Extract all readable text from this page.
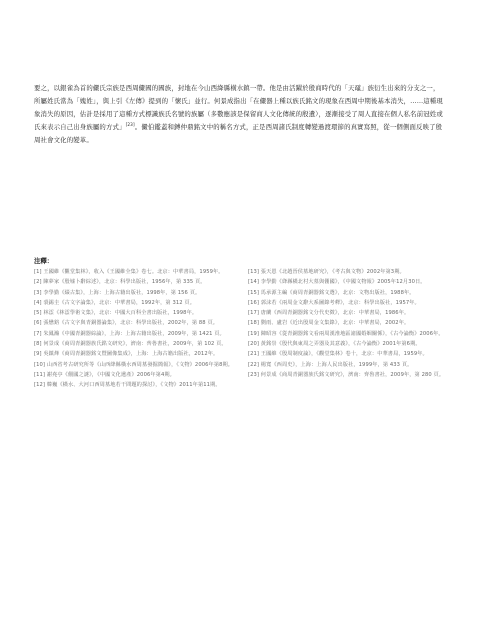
要之，以銀雀為首的儼氏宗族是西周儼國的國族，封地在今山西絳縣橫水鎮一帶。他是由活躍於殷商時代的「天黿」族衍生出來的分支之一，所屬姓氏當為「媿姓」，與上引《左傳》提到的「懷氏」並行。何景成指出「在儼器上種以族氏銘文的現象在西周中期後基本消失，……這種現象消失的原因，估計是採用了這種方式標識族氏名號的族屬（多數應該是保留商人文化傳統的殷遺），逐漸接受了周人直接在個人私名前冠姓或氏來表示自己出身族屬的方式」[23]。儼伯鑑蓋和鎛仲鼎銘文中的稱名方式，正是西周諸氏制度轉變過渡環節的真實寫照，從一個側面反映了殷周社會文化的變革。

注釋：

[1] 王國維《觀堂集林》，收入《王國維全集》卷七。北京：中華書局，1959年。

[2] 陳夢家《殷墟卜辭綜述》，北京：科學出版社，1956年，第 335 頁。

[3] 李學勤《綴古集》，上海：上海古籍出版社，1998年，第 156 頁。

[4] 裘錫圭《古文字論集》，北京：中華書局，1992年，第 312 頁。

[5] 林澐《林澐學術文集》，北京：中國大百科全書出版社，1998年。

[6] 張懋鎔《古文字與青銅器論集》，北京：科學出版社，2002年，第 88 頁。

[7] 朱鳳瀚《中國青銅器綜論》，上海：上海古籍出版社，2009年，第 1421 頁。

[8] 何景成《商周青銅器族氏銘文研究》，濟南：齊魯書社，2009年，第 102 頁。

[9] 吳鎮烽《商周青銅器銘文暨圖像集成》，上海：上海古籍出版社，2012年。

[10] 山西省考古研究所等《山西絳縣橫水西周墓發掘簡報》，《文物》2006年第8期。

[11] 謝堯亭《倗國之謎》，《中國文化遺產》2006年第4期。

[12] 韓巍《橫水、大河口西周墓地若干問題的探討》，《文物》2011年第11期。

[13] 張天恩《北趙晉侯墓地研究》，《考古與文物》2002年第3期。

[14] 李學勤《絳縣橫北村大墓與倗國》，《中國文物報》2005年12月30日。

[15] 馬承源主編《商周青銅器銘文選》，北京：文物出版社，1988年。

[16] 郭沫若《兩周金文辭大系圖錄考釋》，北京：科學出版社，1957年。

[17] 唐蘭《西周青銅器銘文分代史徵》，北京：中華書局，1986年。

[18] 劉雨、盧岩《近出殷周金文集錄》，北京：中華書局，2002年。

[19] 陳昭容《從青銅器銘文看兩周漢淮地區諸國婚姻關係》，《古今論衡》2006年。

[20] 黃銘崇《殷代與東周之弄器及其意義》，《古今論衡》2001年第6期。

[21] 王國維《殷周制度論》，《觀堂集林》卷十，北京：中華書局，1959年。

[22] 楊寬《西周史》，上海：上海人民出版社，1999年，第 433 頁。

[23] 何景成《商周青銅器族氏銘文研究》，濟南：齊魯書社，2009年，第 280 頁。
